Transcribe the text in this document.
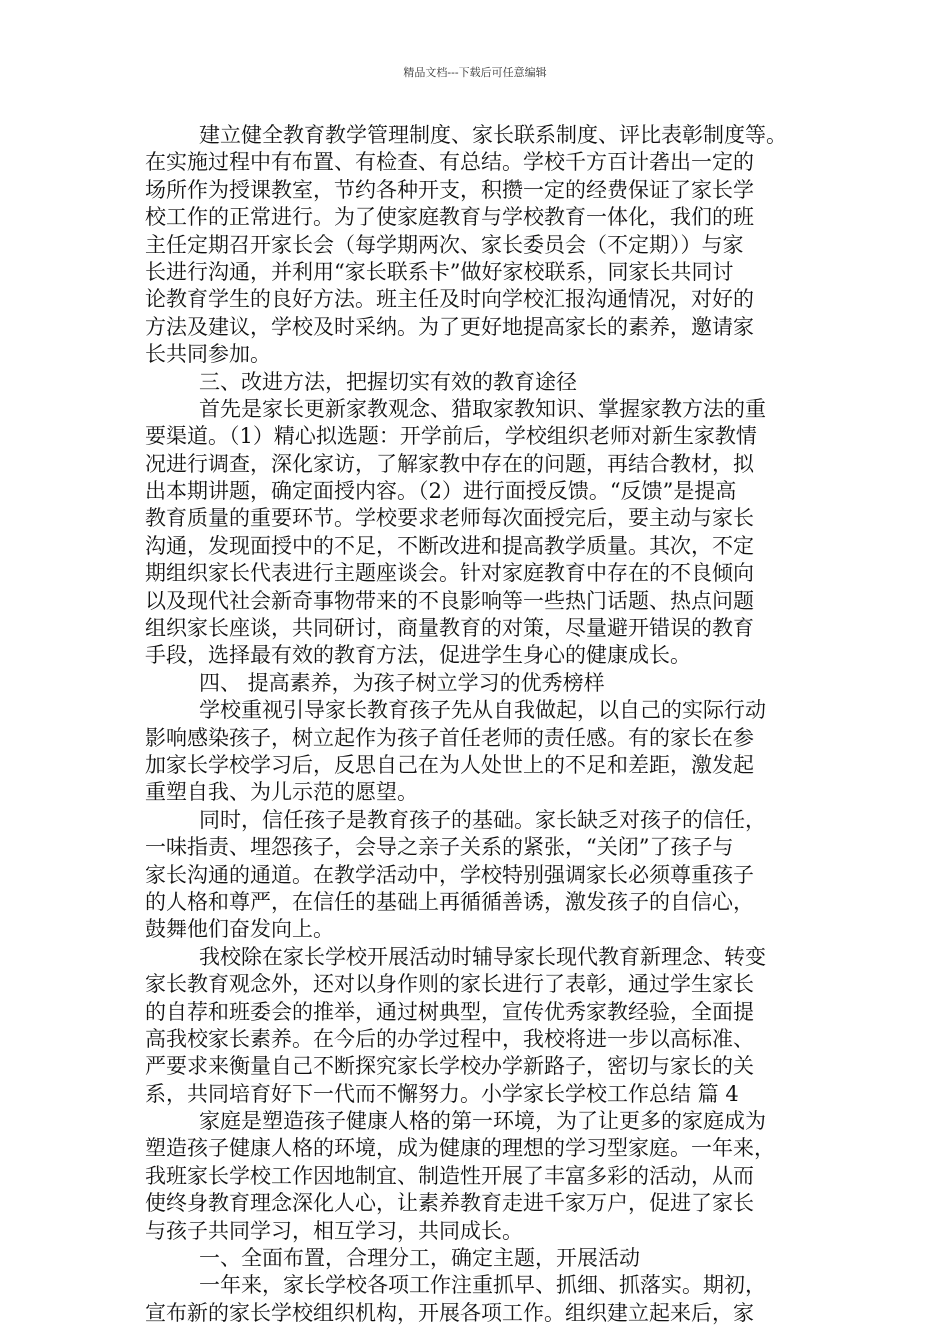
精品文档---下载后可任意编辑
建立健全教育教学管理制度、家长联系制度、评比表彰制度等。
在实施过程中有布置、有检查、有总结。学校千方百计砻出一定的
场所作为授课教室，节约各种开支，积攒一定的经费保证了家长学
校工作的正常进行。为了使家庭教育与学校教育一体化，我们的班
主任定期召开家长会（每学期两次、家长委员会（不定期））与家
长进行沟通，并利用“家长联系卡”做好家校联系，同家长共同讨
论教育学生的良好方法。班主任及时向学校汇报沟通情况，对好的
方法及建议，学校及时采纳。为了更好地提高家长的素养，邀请家
长共同参加。
三、改进方法，把握切实有效的教育途径
首先是家长更新家教观念、猎取家教知识、掌握家教方法的重
要渠道。（1）精心拟选题：开学前后，学校组织老师对新生家教情
况进行调查，深化家访，了解家教中存在的问题，再结合教材，拟
出本期讲题，确定面授内容。（2）进行面授反馈。“反馈”是提高
教育质量的重要环节。学校要求老师每次面授完后，要主动与家长
沟通，发现面授中的不足，不断改进和提高教学质量。其次，不定
期组织家长代表进行主题座谈会。针对家庭教育中存在的不良倾向
以及现代社会新奇事物带来的不良影响等一些热门话题、热点问题
组织家长座谈，共同研讨，商量教育的对策，尽量避开错误的教育
手段，选择最有效的教育方法，促进学生身心的健康成长。
四、 提高素养，为孩子树立学习的优秀榜样
学校重视引导家长教育孩子先从自我做起，以自己的实际行动
影响感染孩子，树立起作为孩子首任老师的责任感。有的家长在参
加家长学校学习后，反思自己在为人处世上的不足和差距，激发起
重塑自我、为儿示范的愿望。
同时，信任孩子是教育孩子的基础。家长缺乏对孩子的信任，
一味指责、埋怨孩子，会导之亲子关系的紧张，“关闭”了孩子与
家长沟通的通道。在教学活动中，学校特别强调家长必须尊重孩子
的人格和尊严，在信任的基础上再循循善诱，激发孩子的自信心，
鼓舞他们奋发向上。
我校除在家长学校开展活动时辅导家长现代教育新理念、转变
家长教育观念外，还对以身作则的家长进行了表彰，通过学生家长
的自荐和班委会的推举，通过树典型，宣传优秀家教经验，全面提
高我校家长素养。在今后的办学过程中，我校将进一步以高标准、
严要求来衡量自己不断探究家长学校办学新路子，密切与家长的关
系，共同培育好下一代而不懈努力。小学家长学校工作总结 篇 4
家庭是塑造孩子健康人格的第一环境，为了让更多的家庭成为
塑造孩子健康人格的环境，成为健康的理想的学习型家庭。一年来，
我班家长学校工作因地制宜、制造性开展了丰富多彩的活动，从而
使终身教育理念深化人心，让素养教育走进千家万户，促进了家长
与孩子共同学习，相互学习，共同成长。
一、全面布置，合理分工，确定主题，开展活动
一年来，家长学校各项工作注重抓早、抓细、抓落实。期初，
宣布新的家长学校组织机构，开展各项工作。组织建立起来后，家
